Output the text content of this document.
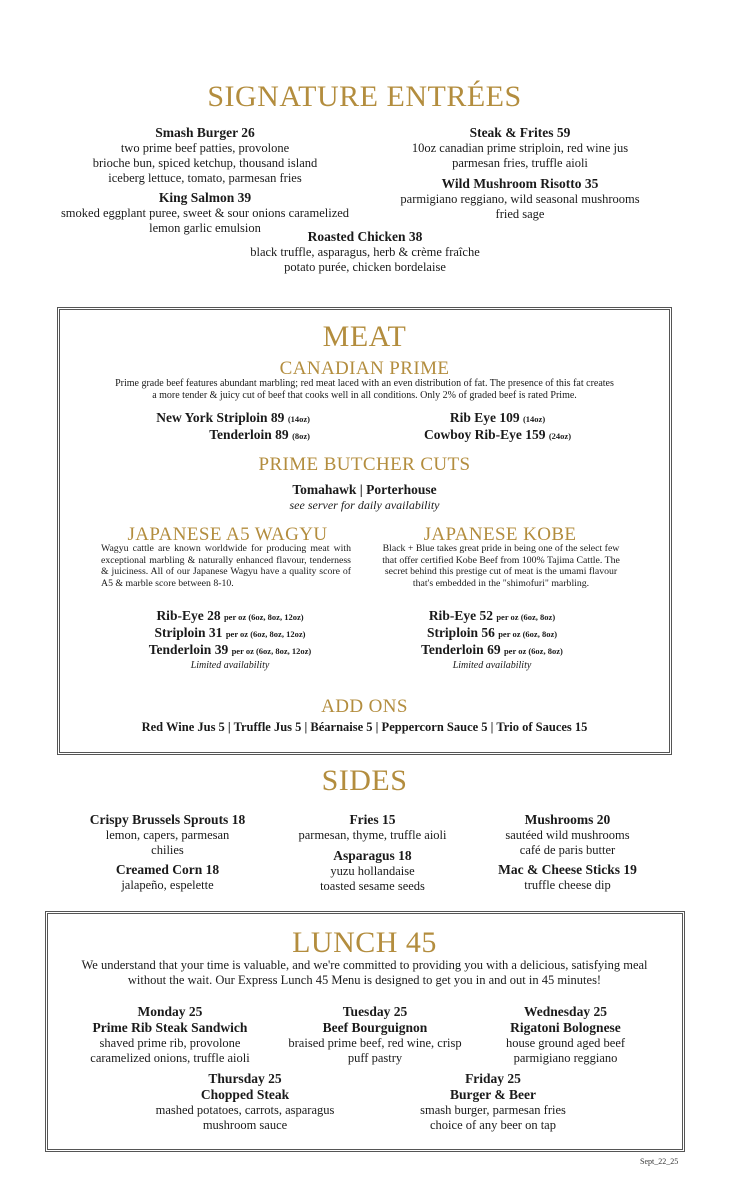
SIGNATURE ENTRÉES
Smash Burger 26
two prime beef patties, provolone
brioche bun, spiced ketchup, thousand island
iceberg lettuce, tomato, parmesan fries
Steak & Frites 59
10oz canadian prime striploin, red wine jus
parmesan fries, truffle aioli
Wild Mushroom Risotto 35
parmigiano reggiano, wild seasonal mushrooms
fried sage
King Salmon 39
smoked eggplant puree, sweet & sour onions caramelized
lemon garlic emulsion
Roasted Chicken 38
black truffle, asparagus, herb & crème fraîche
potato purée, chicken bordelaise
MEAT
CANADIAN PRIME
Prime grade beef features abundant marbling; red meat laced with an even distribution of fat. The presence of this fat creates
a more tender & juicy cut of beef that cooks well in all conditions. Only 2% of graded beef is rated Prime.
New York Striploin 89 (14oz)
Tenderloin 89 (8oz)
Rib Eye 109 (14oz)
Cowboy Rib-Eye 159 (24oz)
PRIME BUTCHER CUTS
Tomahawk | Porterhouse
see server for daily availability
JAPANESE A5 WAGYU
Wagyu cattle are known worldwide for producing meat with exceptional marbling & naturally enhanced flavour, tenderness & juiciness. All of our Japanese Wagyu have a quality score of A5 & marble score between 8-10.
Rib-Eye 28 per oz (6oz, 8oz, 12oz)
Striploin 31 per oz (6oz, 8oz, 12oz)
Tenderloin 39 per oz (6oz, 8oz, 12oz)
Limited availability
JAPANESE KOBE
Black + Blue takes great pride in being one of the select few
that offer certified Kobe Beef from 100% Tajima Cattle. The
secret behind this prestige cut of meat is the umami flavour
that's embedded in the "shimofuri" marbling.
Rib-Eye 52 per oz (6oz, 8oz)
Striploin 56 per oz (6oz, 8oz)
Tenderloin 69 per oz (6oz, 8oz)
Limited availability
ADD ONS
Red Wine Jus 5 | Truffle Jus 5 | Béarnaise 5 | Peppercorn Sauce 5 | Trio of Sauces 15
SIDES
Crispy Brussels Sprouts 18
lemon, capers, parmesan
chilies
Fries 15
parmesan, thyme, truffle aioli
Mushrooms 20
sautéed wild mushrooms
café de paris butter
Creamed Corn 18
jalapeño, espelette
Asparagus 18
yuzu hollandaise
toasted sesame seeds
Mac & Cheese Sticks 19
truffle cheese dip
LUNCH 45
We understand that your time is valuable, and we're committed to providing you with a delicious, satisfying meal
without the wait. Our Express Lunch 45 Menu is designed to get you in and out in 45 minutes!
Monday 25
Prime Rib Steak Sandwich
shaved prime rib, provolone
caramelized onions, truffle aioli
Tuesday 25
Beef Bourguignon
braised prime beef, red wine, crisp
puff pastry
Wednesday 25
Rigatoni Bolognese
house ground aged beef
parmigiano reggiano
Thursday 25
Chopped Steak
mashed potatoes, carrots, asparagus
mushroom sauce
Friday 25
Burger & Beer
smash burger, parmesan fries
choice of any beer on tap
Sept_22_25
